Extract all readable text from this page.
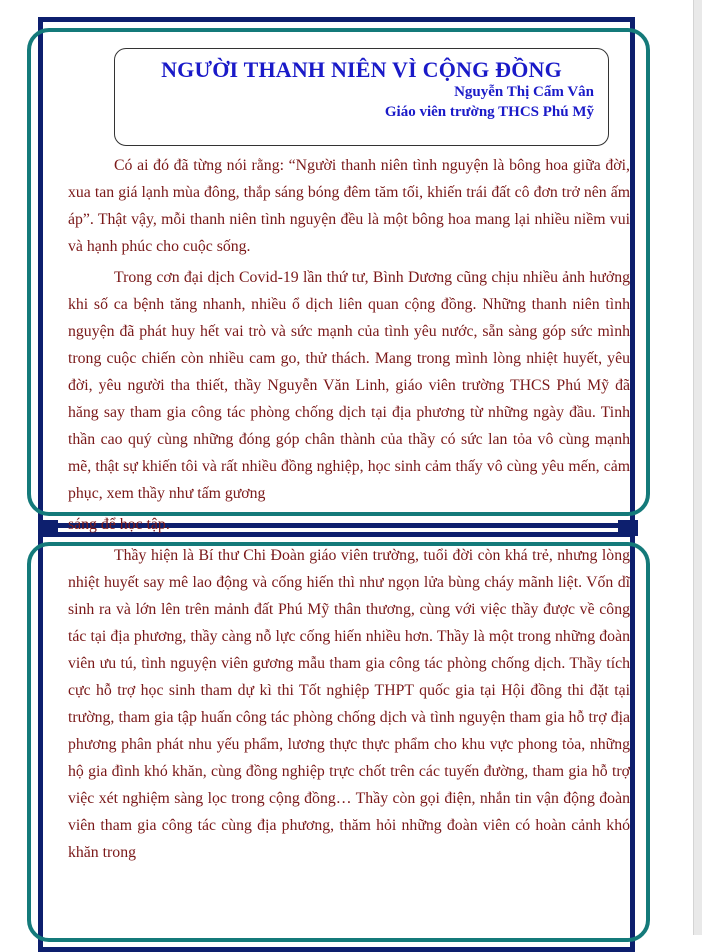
NGƯỜI THANH NIÊN VÌ CỘNG ĐỒNG
Nguyễn Thị Cẩm Vân
Giáo viên trường THCS Phú Mỹ

Có ai đó đã từng nói rằng: “Người thanh niên tình nguyện là bông hoa giữa đời, xua tan giá lạnh mùa đông, thắp sáng bóng đêm tăm tối, khiến trái đất cô đơn trở nên ấm áp”. Thật vậy, mỗi thanh niên tình nguyện đều là một bông hoa mang lại nhiều niềm vui và hạnh phúc cho cuộc sống.

Trong cơn đại dịch Covid-19 lần thứ tư, Bình Dương cũng chịu nhiều ảnh hưởng khi số ca bệnh tăng nhanh, nhiều ổ dịch liên quan cộng đồng. Những thanh niên tình nguyện đã phát huy hết vai trò và sức mạnh của tình yêu nước, sẵn sàng góp sức mình trong cuộc chiến còn nhiều cam go, thử thách. Mang trong mình lòng nhiệt huyết, yêu đời, yêu người tha thiết, thầy Nguyễn Văn Linh, giáo viên trường THCS Phú Mỹ đã hăng say tham gia công tác phòng chống dịch tại địa phương từ những ngày đầu. Tinh thần cao quý cùng những đóng góp chân thành của thầy có sức lan tỏa vô cùng mạnh mẽ, thật sự khiến tôi và rất nhiều đồng nghiệp, học sinh cảm thấy vô cùng yêu mến, cảm phục, xem thầy như tấm gương

sáng để học tập.

Thầy hiện là Bí thư Chi Đoàn giáo viên trường, tuổi đời còn khá trẻ, nhưng lòng nhiệt huyết say mê lao động và cống hiến thì như ngọn lửa bùng cháy mãnh liệt. Vốn dĩ sinh ra và lớn lên trên mảnh đất Phú Mỹ thân thương, cùng với việc thầy được về công tác tại địa phương, thầy càng nỗ lực cống hiến nhiều hơn. Thầy là một trong những đoàn viên ưu tú, tình nguyện viên gương mẫu tham gia công tác phòng chống dịch. Thầy tích cực hỗ trợ học sinh tham dự kì thi Tốt nghiệp THPT quốc gia tại Hội đồng thi đặt tại trường, tham gia tập huấn công tác phòng chống dịch và tình nguyện tham gia hỗ trợ địa phương phân phát nhu yếu phẩm, lương thực thực phẩm cho khu vực phong tỏa, những hộ gia đình khó khăn, cùng đồng nghiệp trực chốt trên các tuyến đường, tham gia hỗ trợ việc xét nghiệm sàng lọc trong cộng đồng… Thầy còn gọi điện, nhắn tin vận động đoàn viên tham gia công tác cùng địa phương, thăm hỏi những đoàn viên có hoàn cảnh khó khăn trong
